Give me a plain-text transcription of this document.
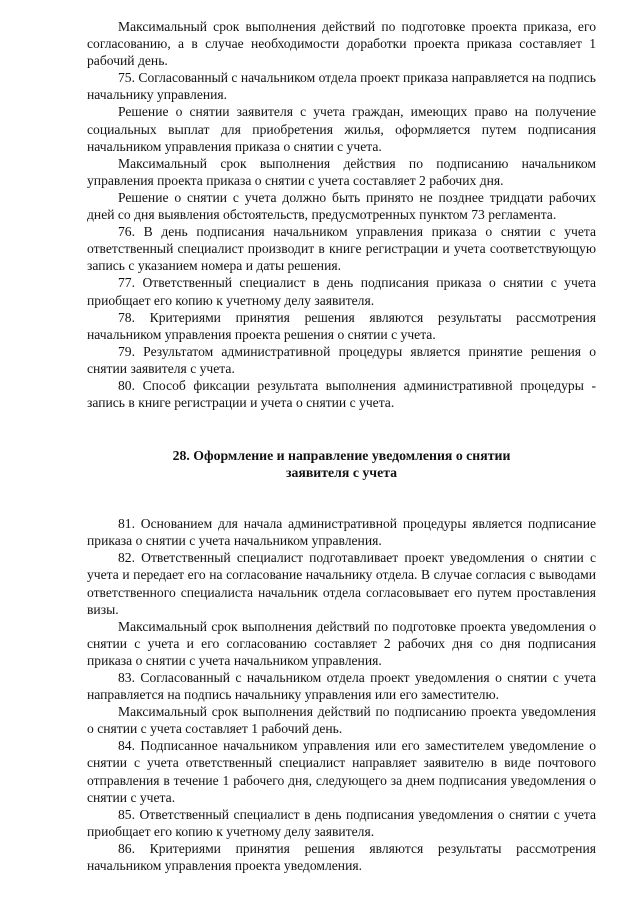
Максимальный срок выполнения действий по подготовке проекта приказа, его согласованию, а в случае необходимости доработки проекта приказа составляет 1 рабочий день.

75. Согласованный с начальником отдела проект приказа направляется на подпись начальнику управления.

Решение о снятии заявителя с учета граждан, имеющих право на получение социальных выплат для приобретения жилья, оформляется путем подписания начальником управления приказа о снятии с учета.

Максимальный срок выполнения действия по подписанию начальником управления проекта приказа о снятии с учета составляет 2 рабочих дня.

Решение о снятии с учета должно быть принято не позднее тридцати рабочих дней со дня выявления обстоятельств, предусмотренных пунктом 73 регламента.

76. В день подписания начальником управления приказа о снятии с учета ответственный специалист производит в книге регистрации и учета соответствующую запись с указанием номера и даты решения.

77. Ответственный специалист в день подписания приказа о снятии с учета приобщает его копию к учетному делу заявителя.

78. Критериями принятия решения являются результаты рассмотрения начальником управления проекта решения о снятии с учета.

79. Результатом административной процедуры является принятие решения о снятии заявителя с учета.

80. Способ фиксации результата выполнения административной процедуры - запись в книге регистрации и учета о снятии с учета.

28. Оформление и направление уведомления о снятии
заявителя с учета

81. Основанием для начала административной процедуры является подписание приказа о снятии с учета начальником управления.

82. Ответственный специалист подготавливает проект уведомления о снятии с учета и передает его на согласование начальнику отдела. В случае согласия с выводами ответственного специалиста начальник отдела согласовывает его путем проставления визы.

Максимальный срок выполнения действий по подготовке проекта уведомления о снятии с учета и его согласованию составляет 2 рабочих дня со дня подписания приказа о снятии с учета начальником управления.

83. Согласованный с начальником отдела проект уведомления о снятии с учета направляется на подпись начальнику управления или его заместителю.

Максимальный срок выполнения действий по подписанию проекта уведомления о снятии с учета составляет 1 рабочий день.

84. Подписанное начальником управления или его заместителем уведомление о снятии с учета ответственный специалист направляет заявителю в виде почтового отправления в течение 1 рабочего дня, следующего за днем подписания уведомления о снятии с учета.

85. Ответственный специалист в день подписания уведомления о снятии с учета приобщает его копию к учетному делу заявителя.

86. Критериями принятия решения являются результаты рассмотрения начальником управления проекта уведомления.
